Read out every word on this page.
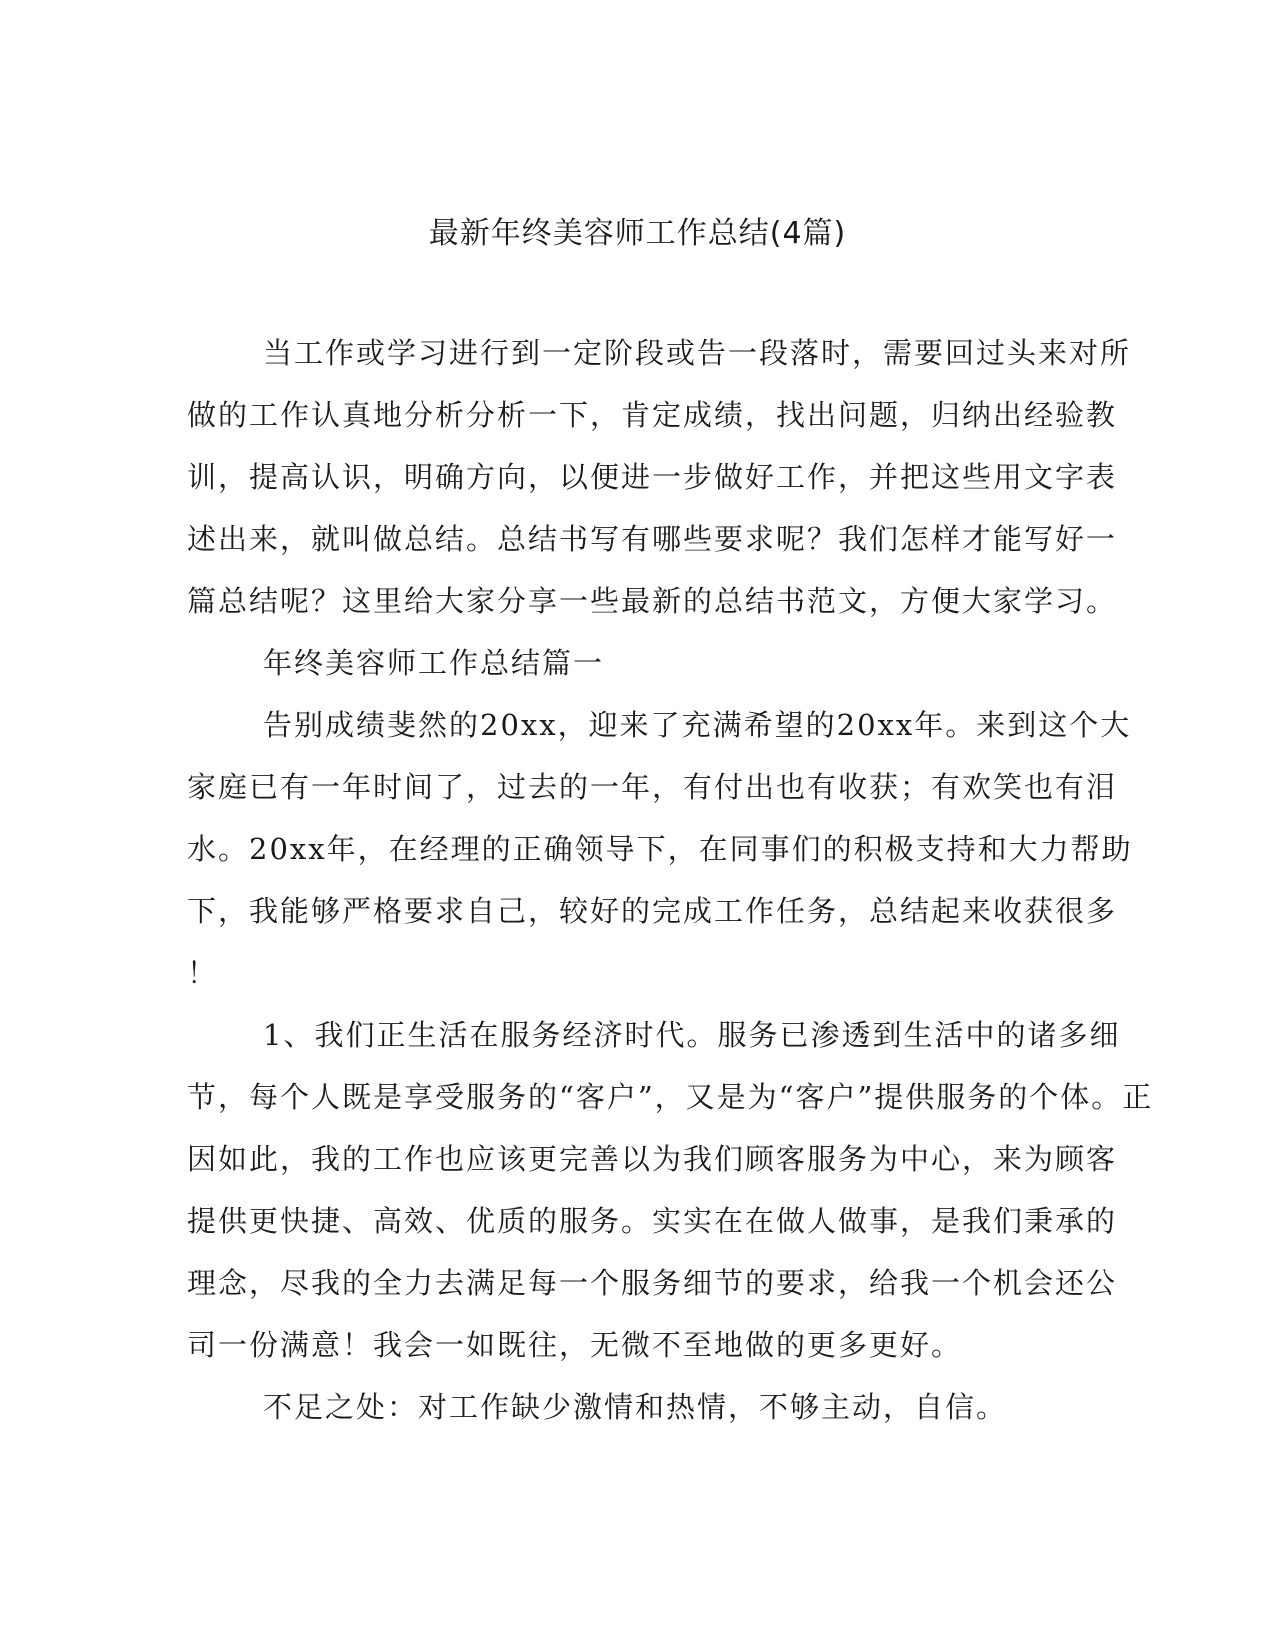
最新年终美容师工作总结(4篇)
当工作或学习进行到一定阶段或告一段落时，需要回过头来对所
做的工作认真地分析分析一下，肯定成绩，找出问题，归纳出经验教
训，提高认识，明确方向，以便进一步做好工作，并把这些用文字表
述出来，就叫做总结。总结书写有哪些要求呢？我们怎样才能写好一
篇总结呢？这里给大家分享一些最新的总结书范文，方便大家学习。
年终美容师工作总结篇一
告别成绩斐然的20xx，迎来了充满希望的20xx年。来到这个大
家庭已有一年时间了，过去的一年，有付出也有收获；有欢笑也有泪
水。20xx年，在经理的正确领导下，在同事们的积极支持和大力帮助
下，我能够严格要求自己，较好的完成工作任务，总结起来收获很多
！
1、我们正生活在服务经济时代。服务已渗透到生活中的诸多细
节，每个人既是享受服务的“客户”，又是为“客户”提供服务的个体。正
因如此，我的工作也应该更完善以为我们顾客服务为中心，来为顾客
提供更快捷、高效、优质的服务。实实在在做人做事，是我们秉承的
理念，尽我的全力去满足每一个服务细节的要求，给我一个机会还公
司一份满意！我会一如既往，无微不至地做的更多更好。
不足之处：对工作缺少激情和热情，不够主动，自信。
